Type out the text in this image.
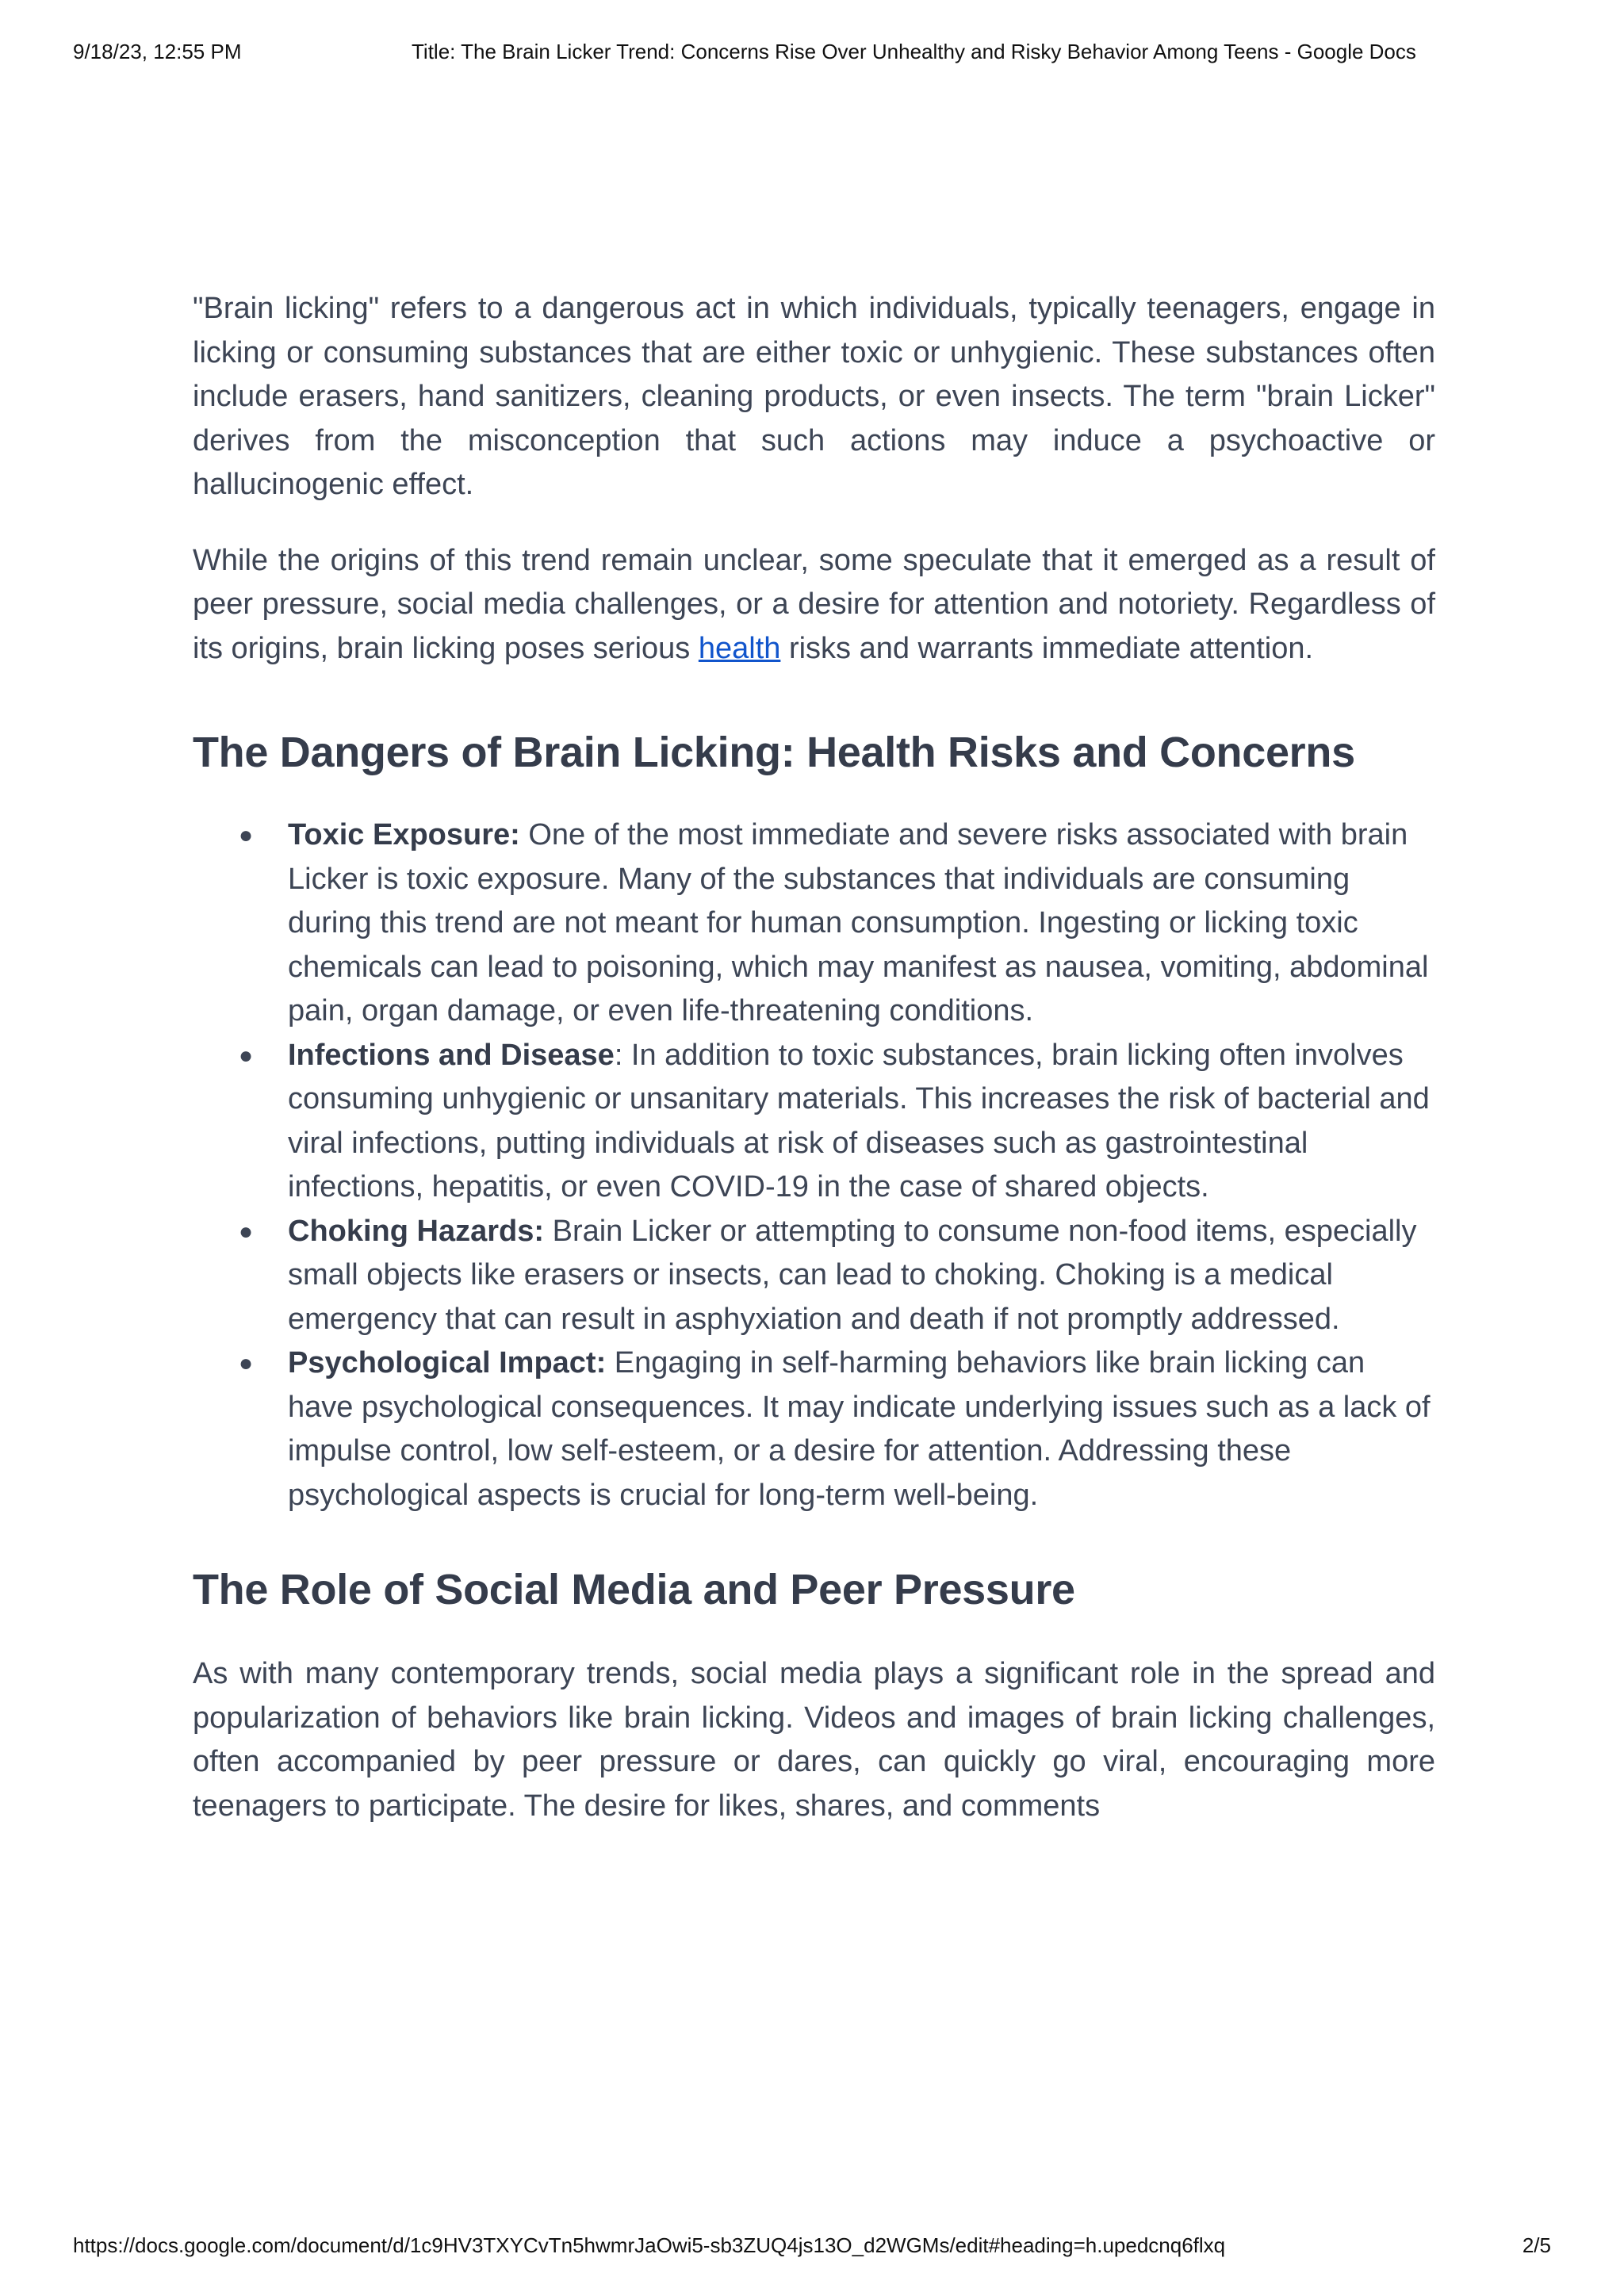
9/18/23, 12:55 PM	Title: The Brain Licker Trend: Concerns Rise Over Unhealthy and Risky Behavior Among Teens - Google Docs

"Brain licking" refers to a dangerous act in which individuals, typically teenagers, engage in licking or consuming substances that are either toxic or unhygienic. These substances often include erasers, hand sanitizers, cleaning products, or even insects. The term "brain Licker" derives from the misconception that such actions may induce a psychoactive or hallucinogenic effect.

While the origins of this trend remain unclear, some speculate that it emerged as a result of peer pressure, social media challenges, or a desire for attention and notoriety. Regardless of its origins, brain licking poses serious health risks and warrants immediate attention.

The Dangers of Brain Licking: Health Risks and Concerns
● Toxic Exposure: One of the most immediate and severe risks associated with brain Licker is toxic exposure. Many of the substances that individuals are consuming during this trend are not meant for human consumption. Ingesting or licking toxic chemicals can lead to poisoning, which may manifest as nausea, vomiting, abdominal pain, organ damage, or even life-threatening conditions.
● Infections and Disease: In addition to toxic substances, brain licking often involves consuming unhygienic or unsanitary materials. This increases the risk of bacterial and viral infections, putting individuals at risk of diseases such as gastrointestinal infections, hepatitis, or even COVID-19 in the case of shared objects.
● Choking Hazards: Brain Licker or attempting to consume non-food items, especially small objects like erasers or insects, can lead to choking. Choking is a medical emergency that can result in asphyxiation and death if not promptly addressed.
● Psychological Impact: Engaging in self-harming behaviors like brain licking can have psychological consequences. It may indicate underlying issues such as a lack of impulse control, low self-esteem, or a desire for attention. Addressing these psychological aspects is crucial for long-term well-being.
The Role of Social Media and Peer Pressure

As with many contemporary trends, social media plays a significant role in the spread and popularization of behaviors like brain licking. Videos and images of brain licking challenges, often accompanied by peer pressure or dares, can quickly go viral, encouraging more teenagers to participate. The desire for likes, shares, and comments

https://docs.google.com/document/d/1c9HV3TXYCvTn5hwmrJaOwi5-sb3ZUQ4js13O_d2WGMs/edit#heading=h.upedcnq6flxq	2/5
